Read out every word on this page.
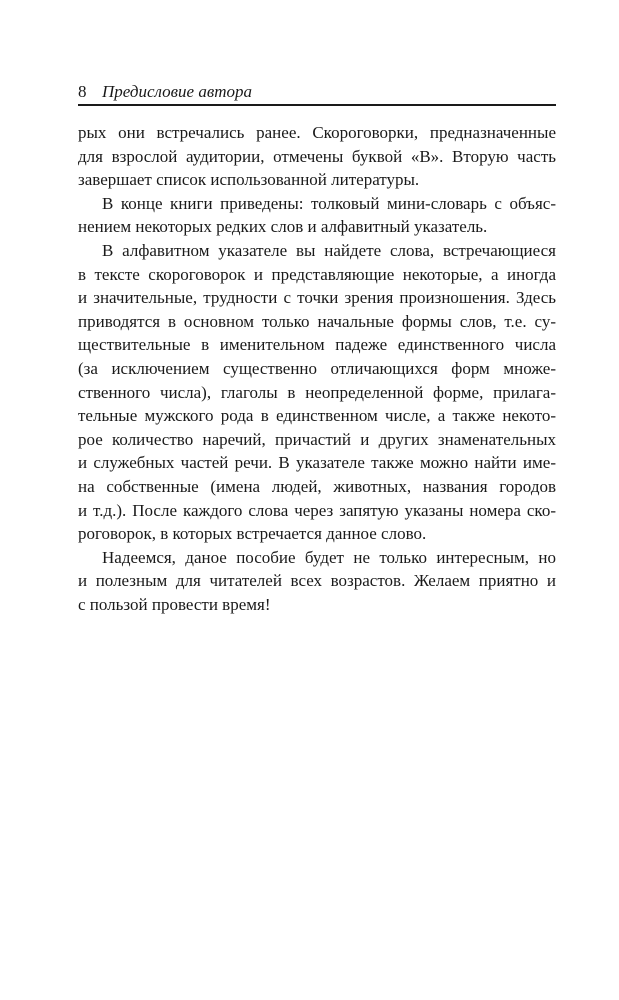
8 Предисловие автора
рых они встречались ранее. Скороговорки, предназначенные
для взрослой аудитории, отмечены буквой «В». Вторую часть
завершает список использованной литературы.
В конце книги приведены: толковый мини-словарь с объяс-
нением некоторых редких слов и алфавитный указатель.
В алфавитном указателе вы найдете слова, встречающиеся
в тексте скороговорок и представляющие некоторые, а иногда
и значительные, трудности с точки зрения произношения. Здесь
приводятся в основном только начальные формы слов, т.е. су-
ществительные в именительном падеже единственного числа
(за исключением существенно отличающихся форм множе-
ственного числа), глаголы в неопределенной форме, прилага-
тельные мужского рода в единственном числе, а также некото-
рое количество наречий, причастий и других знаменательных
и служебных частей речи. В указателе также можно найти име-
на собственные (имена людей, животных, названия городов
и т.д.). После каждого слова через запятую указаны номера ско-
роговорок, в которых встречается данное слово.
Надеемся, даное пособие будет не только интересным, но
и полезным для читателей всех возрастов. Желаем приятно и
с пользой провести время!
